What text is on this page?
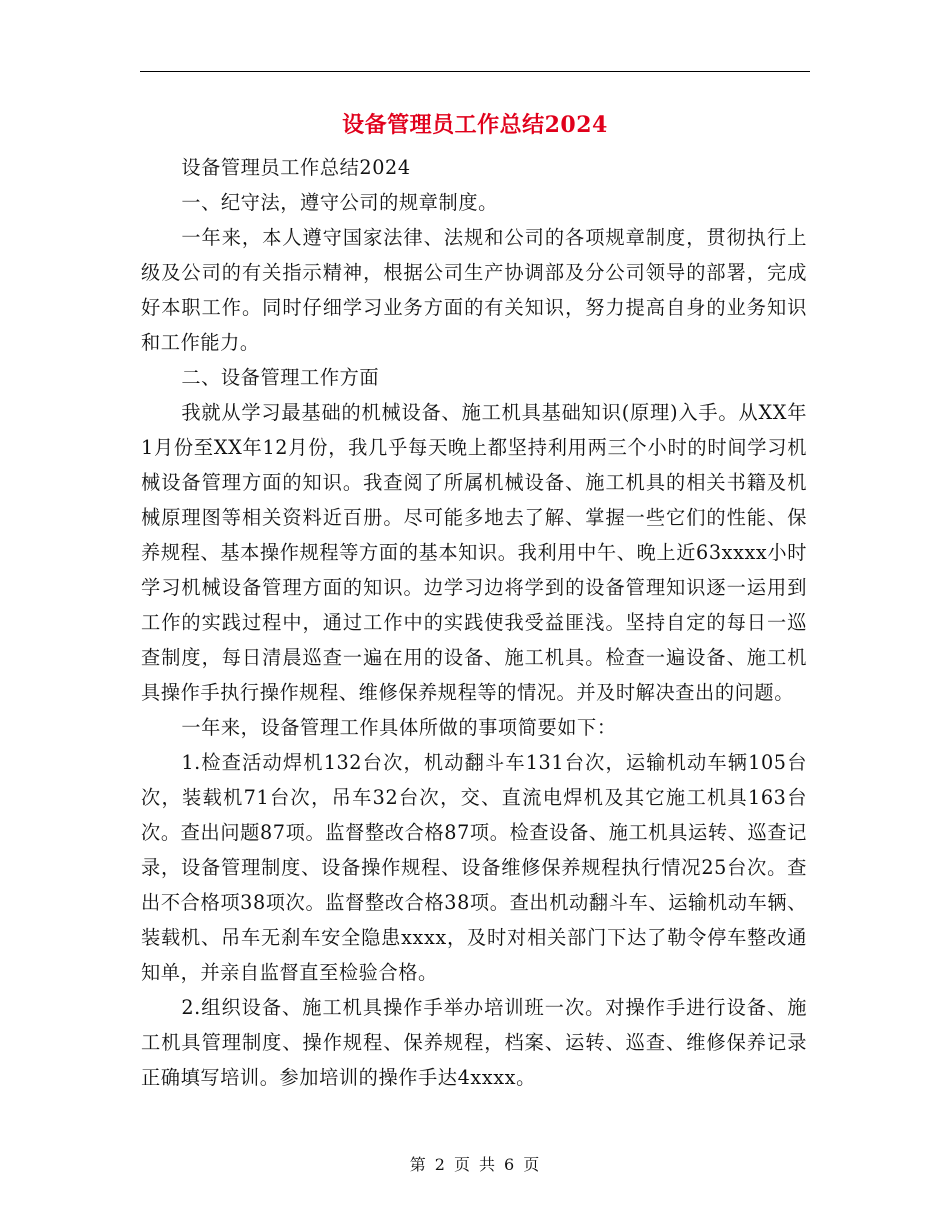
设备管理员工作总结2024

设备管理员工作总结2024

一、纪守法，遵守公司的规章制度。

一年来，本人遵守国家法律、法规和公司的各项规章制度，贯彻执行上级及公司的有关指示精神，根据公司生产协调部及分公司领导的部署，完成好本职工作。同时仔细学习业务方面的有关知识，努力提高自身的业务知识和工作能力。

二、设备管理工作方面

我就从学习最基础的机械设备、施工机具基础知识(原理)入手。从XX年1月份至XX年12月份，我几乎每天晚上都坚持利用两三个小时的时间学习机械设备管理方面的知识。我查阅了所属机械设备、施工机具的相关书籍及机械原理图等相关资料近百册。尽可能多地去了解、掌握一些它们的性能、保养规程、基本操作规程等方面的基本知识。我利用中午、晚上近63xxxx小时学习机械设备管理方面的知识。边学习边将学到的设备管理知识逐一运用到工作的实践过程中，通过工作中的实践使我受益匪浅。坚持自定的每日一巡查制度，每日清晨巡查一遍在用的设备、施工机具。检查一遍设备、施工机具操作手执行操作规程、维修保养规程等的情况。并及时解决查出的问题。

一年来，设备管理工作具体所做的事项简要如下：

1.检查活动焊机132台次，机动翻斗车131台次，运输机动车辆105台次，装载机71台次，吊车32台次，交、直流电焊机及其它施工机具163台次。查出问题87项。监督整改合格87项。检查设备、施工机具运转、巡查记录，设备管理制度、设备操作规程、设备维修保养规程执行情况25台次。查出不合格项38项次。监督整改合格38项。查出机动翻斗车、运输机动车辆、装载机、吊车无刹车安全隐患xxxx，及时对相关部门下达了勒令停车整改通知单，并亲自监督直至检验合格。

2.组织设备、施工机具操作手举办培训班一次。对操作手进行设备、施工机具管理制度、操作规程、保养规程，档案、运转、巡查、维修保养记录正确填写培训。参加培训的操作手达4xxxx。

第 2 页 共 6 页
